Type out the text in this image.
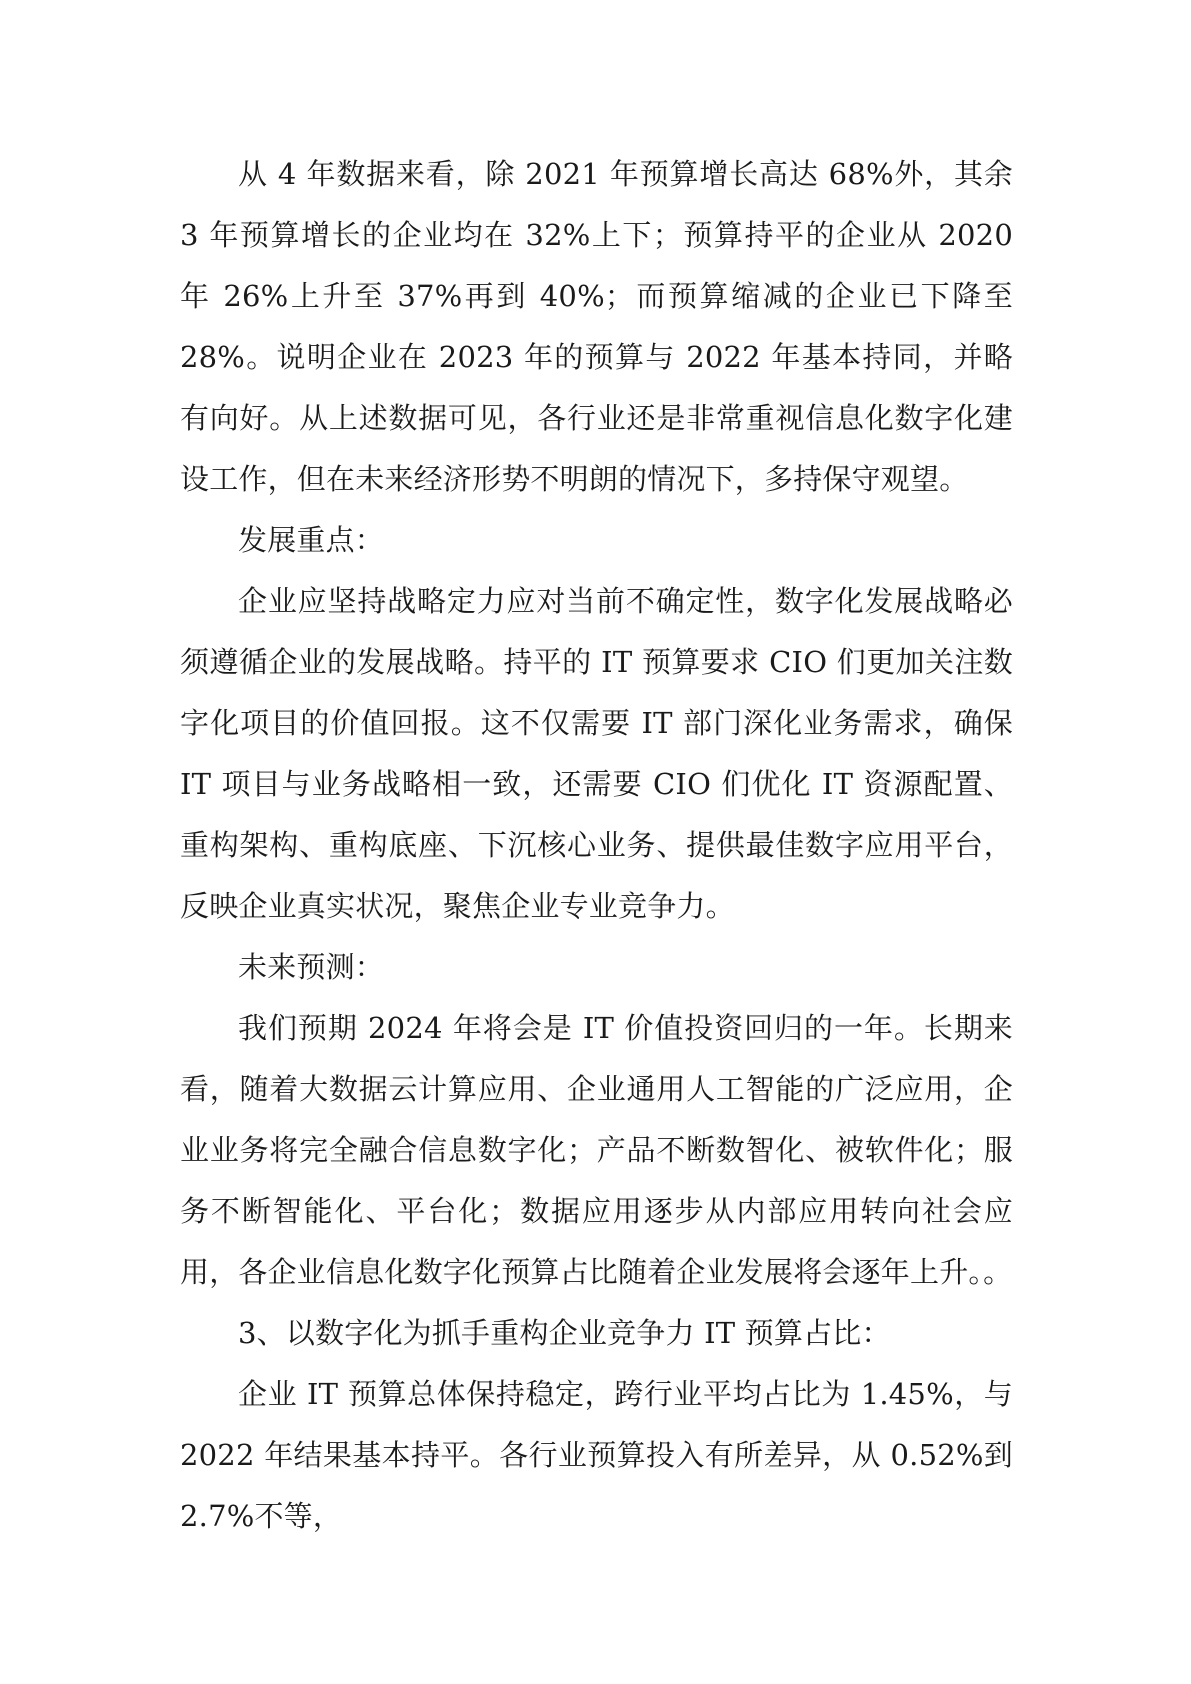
从 4 年数据来看，除 2021 年预算增长高达 68%外，其余 3 年预算增长的企业均在 32%上下；预算持平的企业从 2020 年 26%上升至 37%再到 40%；而预算缩减的企业已下降至 28%。说明企业在 2023 年的预算与 2022 年基本持同，并略有向好。从上述数据可见，各行业还是非常重视信息化数字化建设工作，但在未来经济形势不明朗的情况下，多持保守观望。

发展重点：

企业应坚持战略定力应对当前不确定性，数字化发展战略必须遵循企业的发展战略。持平的 IT 预算要求 CIO 们更加关注数字化项目的价值回报。这不仅需要 IT 部门深化业务需求，确保 IT 项目与业务战略相一致，还需要 CIO 们优化 IT 资源配置、重构架构、重构底座、下沉核心业务、提供最佳数字应用平台，反映企业真实状况，聚焦企业专业竞争力。

未来预测：

我们预期 2024 年将会是 IT 价值投资回归的一年。长期来看，随着大数据云计算应用、企业通用人工智能的广泛应用，企业业务将完全融合信息数字化；产品不断数智化、被软件化；服务不断智能化、平台化；数据应用逐步从内部应用转向社会应用，各企业信息化数字化预算占比随着企业发展将会逐年上升。。

3、以数字化为抓手重构企业竞争力 IT 预算占比：

企业 IT 预算总体保持稳定，跨行业平均占比为 1.45%，与 2022 年结果基本持平。各行业预算投入有所差异，从 0.52%到 2.7%不等，
